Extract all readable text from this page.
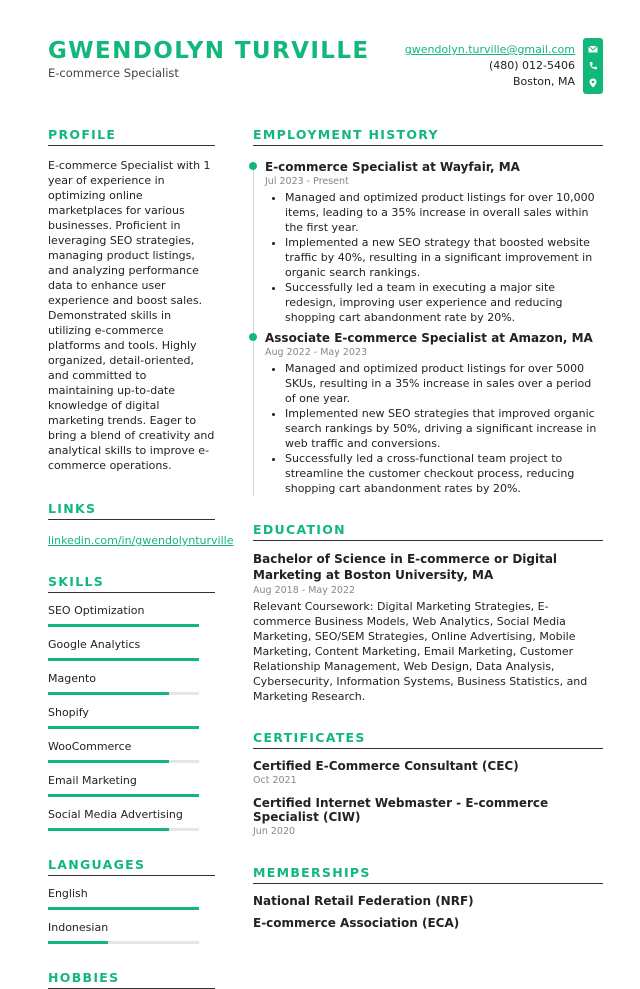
GWENDOLYN TURVILLE
E-commerce Specialist
gwendolyn.turville@gmail.com
(480) 012-5406
Boston, MA
PROFILE
E-commerce Specialist with 1 year of experience in optimizing online marketplaces for various businesses. Proficient in leveraging SEO strategies, managing product listings, and analyzing performance data to enhance user experience and boost sales. Demonstrated skills in utilizing e-commerce platforms and tools. Highly organized, detail-oriented, and committed to maintaining up-to-date knowledge of digital marketing trends. Eager to bring a blend of creativity and analytical skills to improve e-commerce operations.
LINKS
linkedin.com/in/gwendolynturville
SKILLS
SEO Optimization
Google Analytics
Magento
Shopify
WooCommerce
Email Marketing
Social Media Advertising
LANGUAGES
English
Indonesian
HOBBIES
EMPLOYMENT HISTORY
E-commerce Specialist at Wayfair, MA
Jul 2023 - Present
• Managed and optimized product listings for over 10,000 items, leading to a 35% increase in overall sales within the first year.
• Implemented a new SEO strategy that boosted website traffic by 40%, resulting in a significant improvement in organic search rankings.
• Successfully led a team in executing a major site redesign, improving user experience and reducing shopping cart abandonment rate by 20%.
Associate E-commerce Specialist at Amazon, MA
Aug 2022 - May 2023
• Managed and optimized product listings for over 5000 SKUs, resulting in a 35% increase in sales over a period of one year.
• Implemented new SEO strategies that improved organic search rankings by 50%, driving a significant increase in web traffic and conversions.
• Successfully led a cross-functional team project to streamline the customer checkout process, reducing shopping cart abandonment rates by 20%.
EDUCATION
Bachelor of Science in E-commerce or Digital Marketing at Boston University, MA
Aug 2018 - May 2022
Relevant Coursework: Digital Marketing Strategies, E-commerce Business Models, Web Analytics, Social Media Marketing, SEO/SEM Strategies, Online Advertising, Mobile Marketing, Content Marketing, Email Marketing, Customer Relationship Management, Web Design, Data Analysis, Cybersecurity, Information Systems, Business Statistics, and Marketing Research.
CERTIFICATES
Certified E-Commerce Consultant (CEC)
Oct 2021
Certified Internet Webmaster - E-commerce Specialist (CIW)
Jun 2020
MEMBERSHIPS
National Retail Federation (NRF)
E-commerce Association (ECA)
